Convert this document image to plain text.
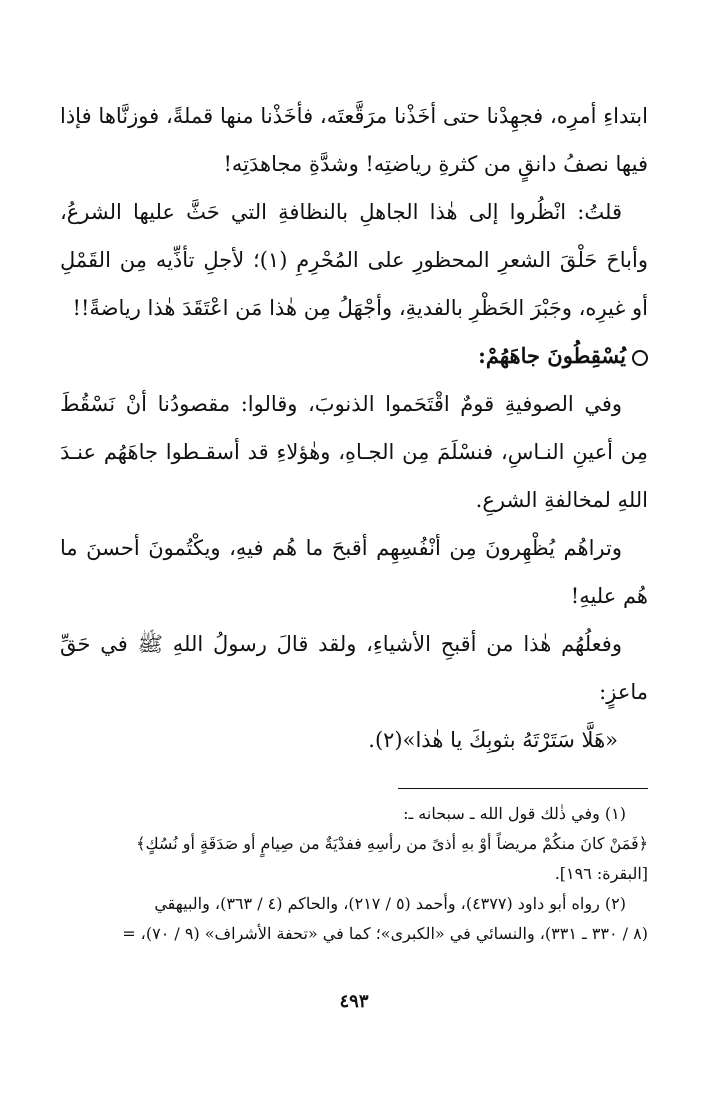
ابتداءِ أمرِه، فجهِدْنا حتى أخَذْنا مرَقَّعتَه، فأخَذْنا منها قملةً، فوزنَّاها فإذا فيها نصفُ دانقٍ من كثرةِ رياضتِه! وشدَّةِ مجاهدَتِه!

قلتُ: انْظُروا إلى هٰذا الجاهلِ بالنظافةِ التي حَثَّ عليها الشرعُ، وأباحَ حَلْقَ الشعرِ المحظورِ على المُحْرِمِ (١)؛ لأجلِ تأذِّيه مِن القَمْلِ أو غيرِه، وجَبْرَ الحَظْرِ بالفديةِ، وأجْهَلُ مِن هٰذا مَن اعْتَقَدَ هٰذا رياضةً!!

يُسْقِطُونَ جاهَهُمْ:

وفي الصوفيةِ قومٌ اقْتَحَموا الذنوبَ، وقالوا: مقصودُنا أنْ نَسْقُطَ مِن أعينِ النـاسِ، فنسْلَمَ مِن الجـاهِ، وهٰؤلاءِ قد أسقـطوا جاهَهُم عنـدَ اللهِ لمخالفةِ الشرعِ.

وتراهُم يُظْهِرونَ مِن أنْفُسِهِم أقبحَ ما هُم فيهِ، ويكْتُمونَ أحسنَ ما هُم عليهِ!

وفعلُهُم هٰذا من أقبحِ الأشياءِ، ولقد قالَ رسولُ اللهِ ﷺ في حَقِّ ماعزٍ:

«هَلَّا سَتَرْتَهُ بثوبِكَ يا هٰذا»(٢).

(١) وفي ذٰلك قول الله ـ سبحانه ـ:

﴿فَمَنْ كانَ منكُمْ مريضاً أوْ بهِ أذىً من رأسِهِ ففدْيَةٌ من صِيامٍ أو صَدَقَةٍ أو نُسُكٍ﴾

[البقرة: ١٩٦].

(٢) رواه أبو داود (٤٣٧٧)، وأحمد (٥ / ٢١٧)، والحاكم (٤ / ٣٦٣)، والبيهقي

(٨ / ٣٣٠ ـ ٣٣١)، والنسائي في «الكبرى»؛ كما في «تحفة الأشراف» (٩ / ٧٠)، =

٤٩٣
